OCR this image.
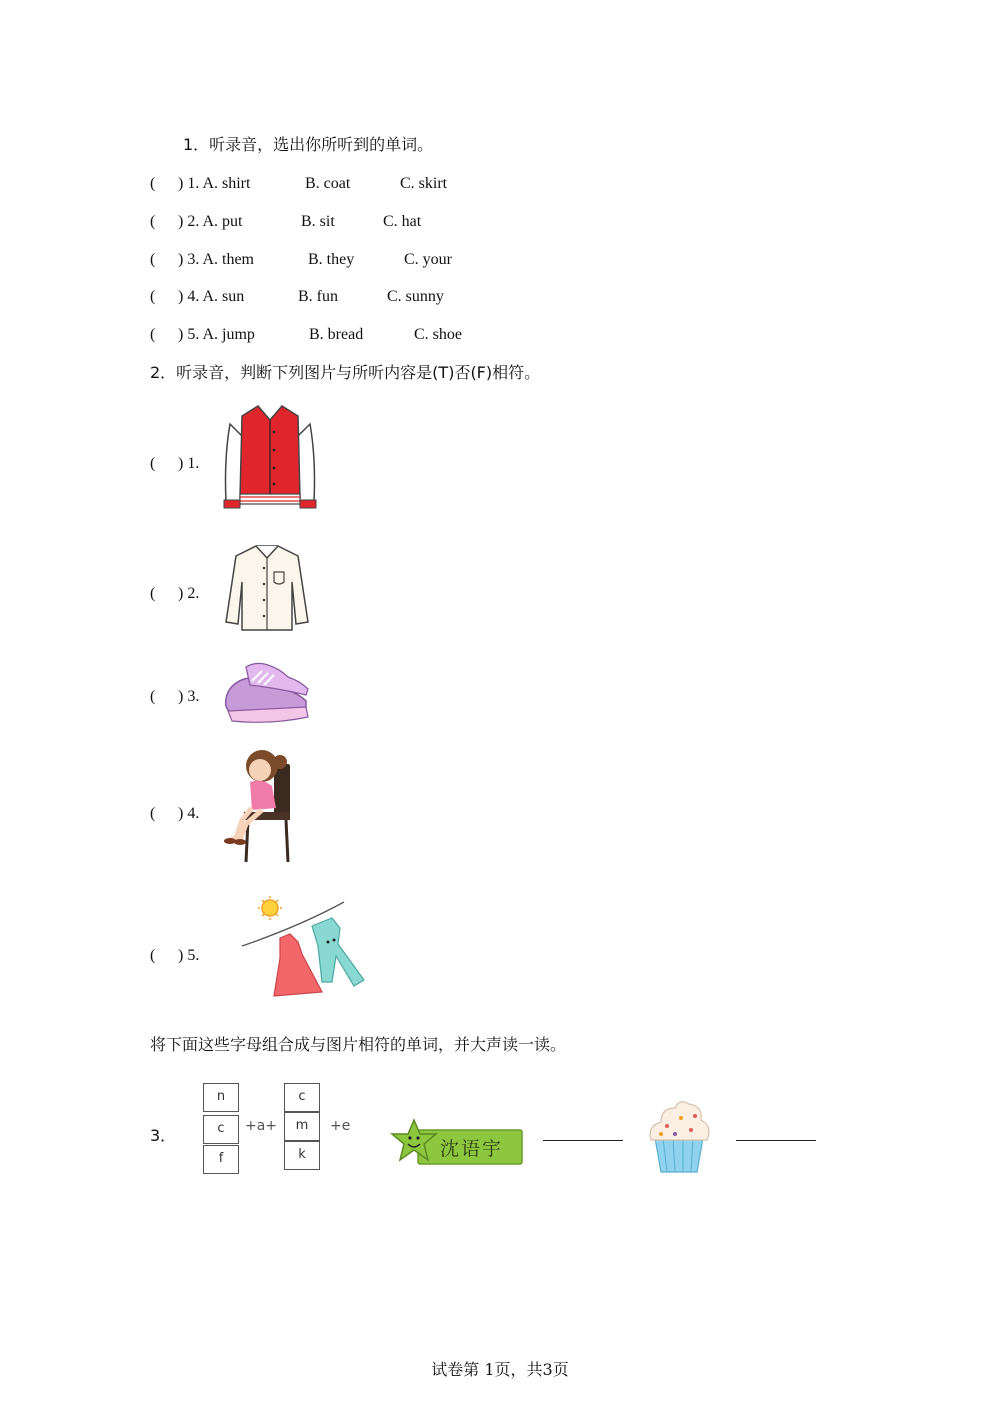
1．听录音，选出你所听到的单词。
( ) 1. A. shirt	B. coat	C. skirt
( ) 2. A. put	B. sit	C. hat
( ) 3. A. them	B. they	C. your
( ) 4. A. sun	B. fun	C. sunny
( ) 5. A. jump	B. bread	C. shoe
2．听录音，判断下列图片与所听内容是(T)否(F)相符。
( ) 1.
( ) 2.
( ) 3.
( ) 4.
( ) 5.
将下面这些字母组合成与图片相符的单词，并大声读一读。
3．
n
c
f
+a+
c
m
k
+e
沈语宇
试卷第 1页，共3页
